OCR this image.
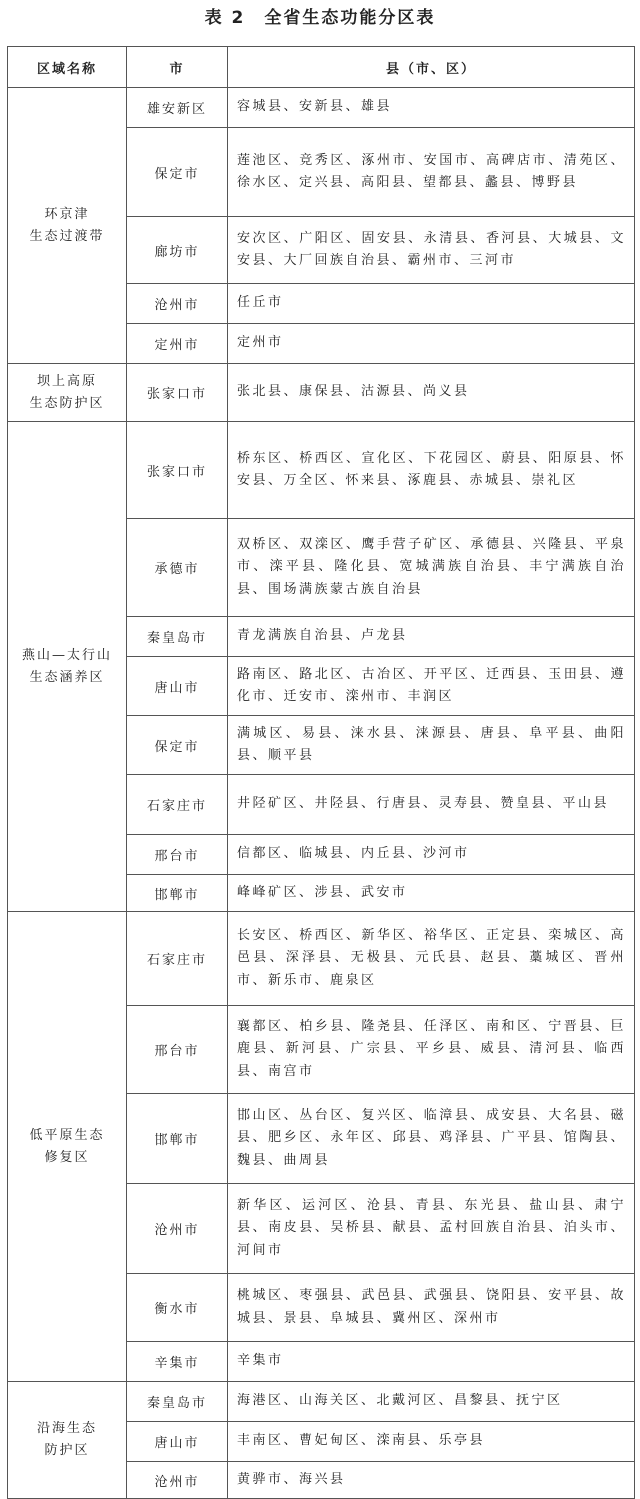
表 2　全省生态功能分区表
区域名称	市	县（市、区）
环京津
生态过渡带	雄安新区	容城县、安新县、雄县
	保定市	莲池区、竞秀区、涿州市、安国市、高碑店市、清苑区、徐水区、定兴县、高阳县、望都县、蠡县、博野县
	廊坊市	安次区、广阳区、固安县、永清县、香河县、大城县、文安县、大厂回族自治县、霸州市、三河市
	沧州市	任丘市
	定州市	定州市
坝上高原
生态防护区	张家口市	张北县、康保县、沽源县、尚义县
燕山—太行山
生态涵养区	张家口市	桥东区、桥西区、宣化区、下花园区、蔚县、阳原县、怀安县、万全区、怀来县、涿鹿县、赤城县、崇礼区
	承德市	双桥区、双滦区、鹰手营子矿区、承德县、兴隆县、平泉市、滦平县、隆化县、宽城满族自治县、丰宁满族自治县、围场满族蒙古族自治县
	秦皇岛市	青龙满族自治县、卢龙县
	唐山市	路南区、路北区、古冶区、开平区、迁西县、玉田县、遵化市、迁安市、滦州市、丰润区
	保定市	满城区、易县、涞水县、涞源县、唐县、阜平县、曲阳县、顺平县
	石家庄市	井陉矿区、井陉县、行唐县、灵寿县、赞皇县、平山县
	邢台市	信都区、临城县、内丘县、沙河市
	邯郸市	峰峰矿区、涉县、武安市
低平原生态
修复区	石家庄市	长安区、桥西区、新华区、裕华区、正定县、栾城区、高邑县、深泽县、无极县、元氏县、赵县、藁城区、晋州市、新乐市、鹿泉区
	邢台市	襄都区、柏乡县、隆尧县、任泽区、南和区、宁晋县、巨鹿县、新河县、广宗县、平乡县、威县、清河县、临西县、南宫市
	邯郸市	邯山区、丛台区、复兴区、临漳县、成安县、大名县、磁县、肥乡区、永年区、邱县、鸡泽县、广平县、馆陶县、魏县、曲周县
	沧州市	新华区、运河区、沧县、青县、东光县、盐山县、肃宁县、南皮县、吴桥县、献县、孟村回族自治县、泊头市、河间市
	衡水市	桃城区、枣强县、武邑县、武强县、饶阳县、安平县、故城县、景县、阜城县、冀州区、深州市
	辛集市	辛集市
沿海生态
防护区	秦皇岛市	海港区、山海关区、北戴河区、昌黎县、抚宁区
	唐山市	丰南区、曹妃甸区、滦南县、乐亭县
	沧州市	黄骅市、海兴县
